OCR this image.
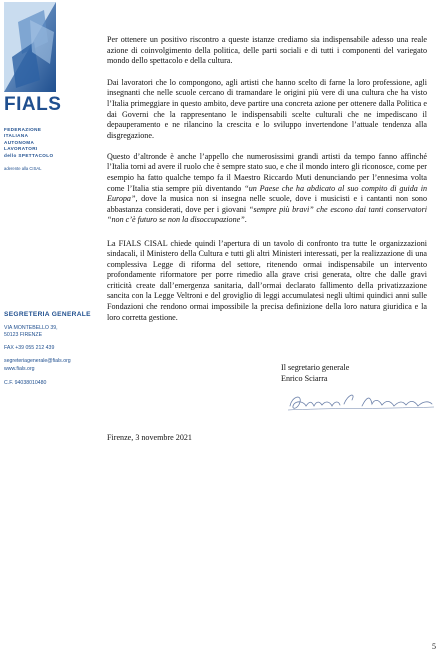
FIALS
FEDERAZIONE
ITALIANA
AUTONOMA
LAVORATORI
dello SPETTACOLO
aderente alla CISAL
SEGRETERIA GENERALE
VIA MONTEBELLO 39,
50123 FIRENZE
FAX +39 055 212 439
segreteriagenerale@fials.org
www.fials.org
C.F. 94038010480

Per ottenere un positivo riscontro a queste istanze crediamo sia indispensabile adesso una reale azione di coinvolgimento della politica, delle parti sociali e di tutti i componenti del variegato mondo dello spettacolo e della cultura.

Dai lavoratori che lo compongono, agli artisti che hanno scelto di farne la loro professione, agli insegnanti che nelle scuole cercano di tramandare le origini più vere di una cultura che ha visto l’Italia primeggiare in questo ambito, deve partire una concreta azione per ottenere dalla Politica e dai Governi che la rappresentano le indispensabili scelte culturali che ne impediscano il depauperamento e ne rilancino la crescita e lo sviluppo invertendone l’attuale tendenza alla disgregazione.

Questo d’altronde è anche l’appello che numerosissimi grandi artisti da tempo fanno affinché l’Italia torni ad avere il ruolo che è sempre stato suo, e che il mondo intero gli riconosce, come per esempio ha fatto qualche tempo fa il Maestro Riccardo Muti denunciando per l’ennesima volta come l’Italia stia sempre più diventando “un Paese che ha abdicato al suo compito di guida in Europa”, dove la musica non si insegna nelle scuole, dove i musicisti e i cantanti non sono abbastanza considerati, dove per i giovani “sempre più bravi” che escono dai tanti conservatori “non c’è futuro se non la disoccupazione”.

La FIALS CISAL chiede quindi l’apertura di un tavolo di confronto tra tutte le organizzazioni sindacali, il Ministero della Cultura e tutti gli altri Ministeri interessati, per la realizzazione di una complessiva Legge di riforma del settore, ritenendo ormai indispensabile un intervento profondamente riformatore per porre rimedio alla grave crisi generata, oltre che dalle gravi criticità create dall’emergenza sanitaria, dall’ormai declarato fallimento della privatizzazione sancita con la Legge Veltroni e del groviglio di leggi accumulatesi negli ultimi quindici anni sulle Fondazioni che rendono ormai impossibile la precisa definizione della loro natura giuridica e la loro corretta gestione.

Il segretario generale
Enrico Sciarra
Firenze, 3 novembre 2021
5
